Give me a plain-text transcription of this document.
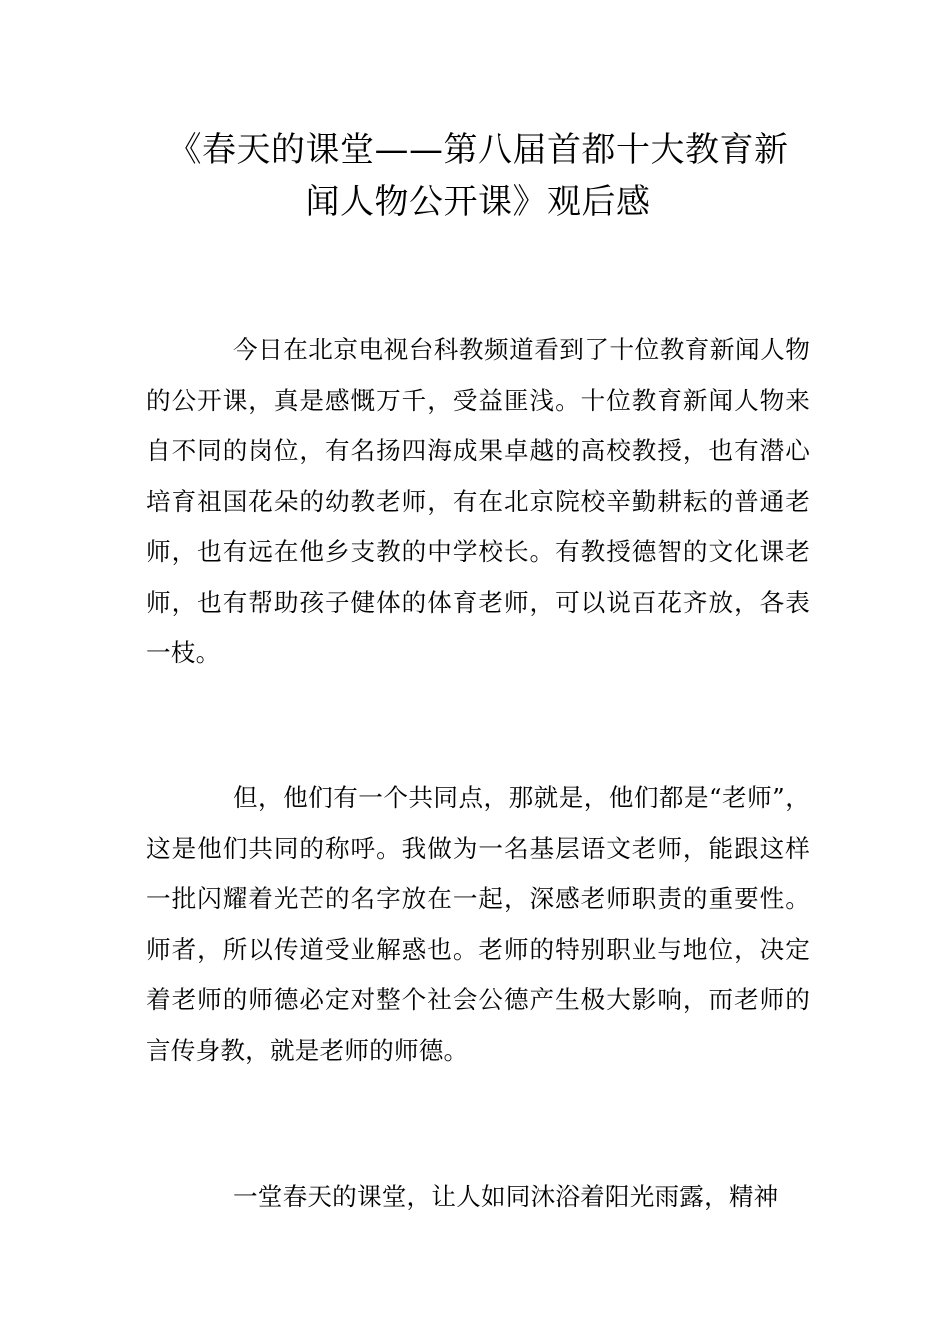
《春天的课堂——第八届首都十大教育新
闻人物公开课》观后感

今日在北京电视台科教频道看到了十位教育新闻人物的公开课，真是感慨万千，受益匪浅。十位教育新闻人物来自不同的岗位，有名扬四海成果卓越的高校教授，也有潜心培育祖国花朵的幼教老师，有在北京院校辛勤耕耘的普通老师，也有远在他乡支教的中学校长。有教授德智的文化课老师，也有帮助孩子健体的体育老师，可以说百花齐放，各表一枝。

但，他们有一个共同点，那就是，他们都是“老师”，这是他们共同的称呼。我做为一名基层语文老师，能跟这样一批闪耀着光芒的名字放在一起，深感老师职责的重要性。师者，所以传道受业解惑也。老师的特别职业与地位，决定着老师的师德必定对整个社会公德产生极大影响，而老师的言传身教，就是老师的师德。

一堂春天的课堂，让人如同沐浴着阳光雨露，精神
